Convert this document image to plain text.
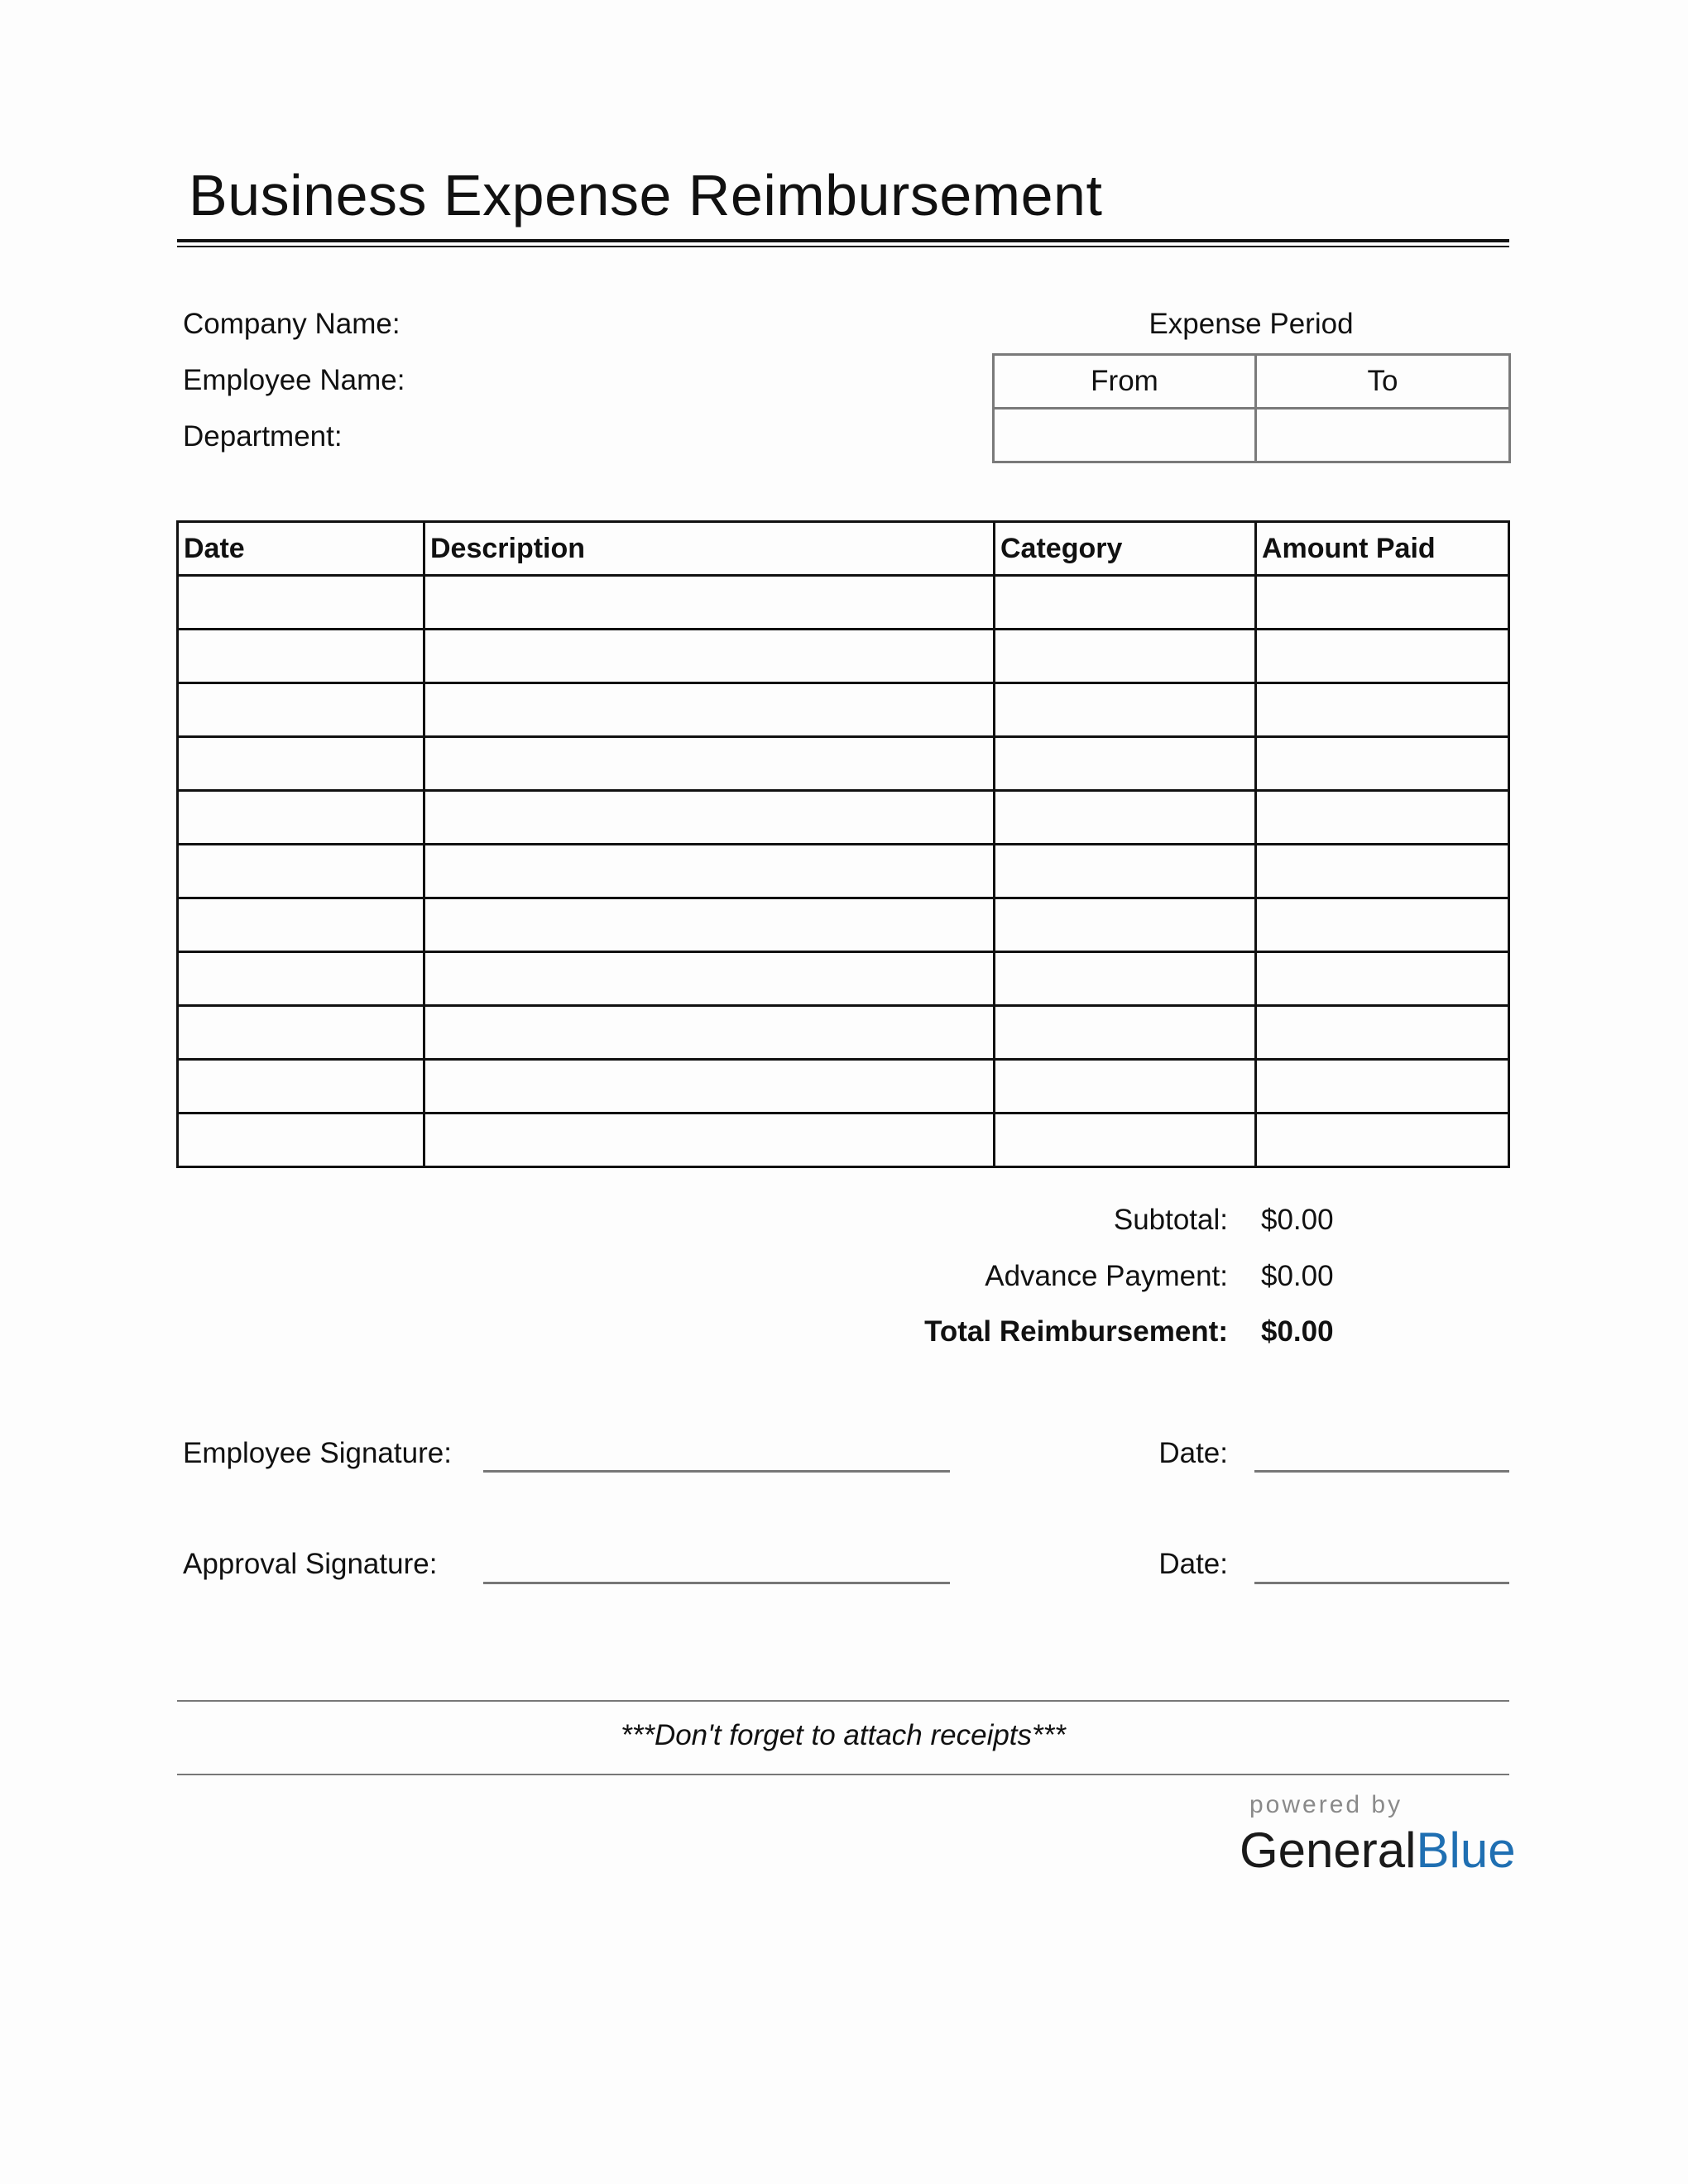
Business Expense Reimbursement
Company Name:
Employee Name:
Department:
Expense Period
From	To

Date	Description	Category	Amount Paid

Subtotal: $0.00
Advance Payment: $0.00
Total Reimbursement: $0.00
Employee Signature:	Date:
Approval Signature:	Date:
***Don't forget to attach receipts***
powered by
GeneralBlue
